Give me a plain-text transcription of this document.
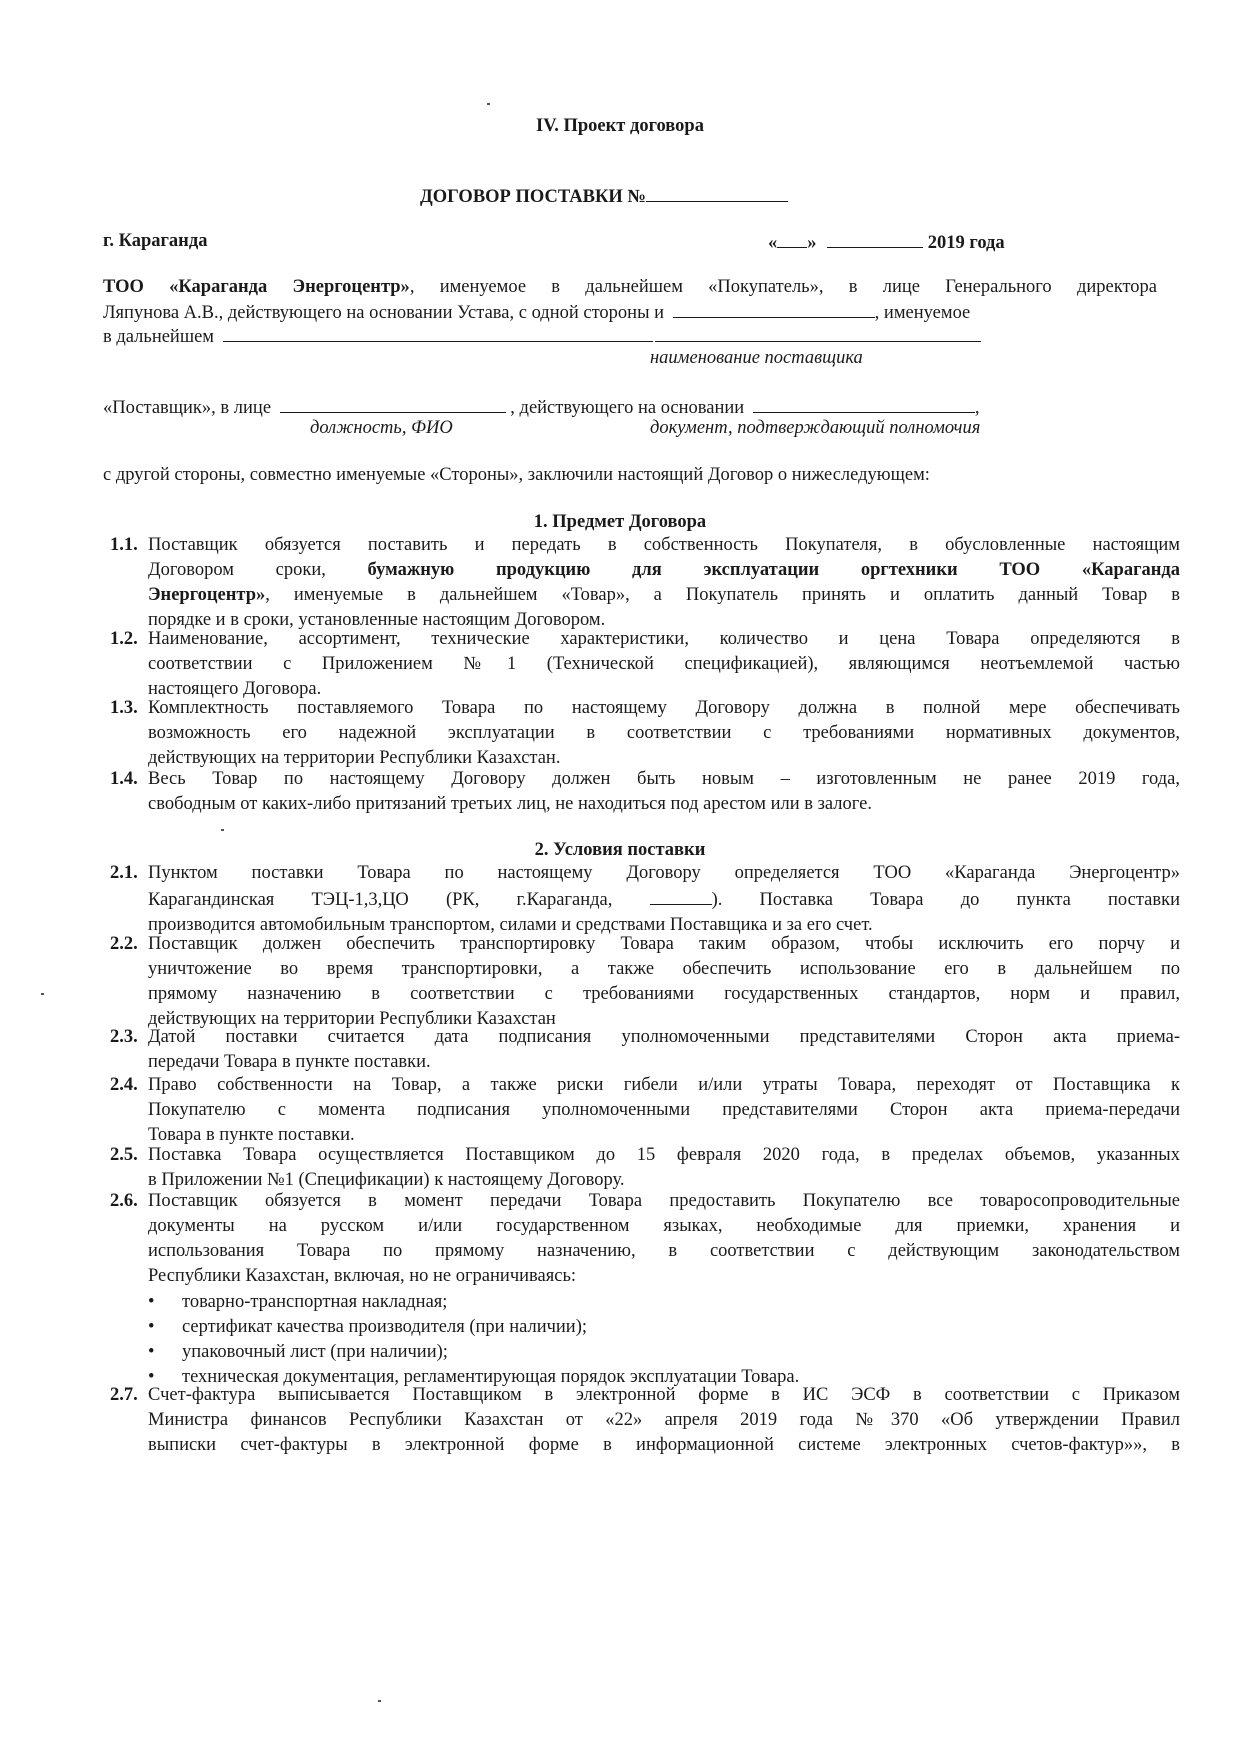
IV. Проект договора
ДОГОВОР ПОСТАВКИ №
г. Караганда	« »	2019 года
ТОО «Караганда Энергоцентр», именуемое в дальнейшем «Покупатель», в лице Генерального директора
Ляпунова А.В., действующего на основании Устава, с одной стороны и	, именуемое
в дальнейшем
наименование поставщика
«Поставщик», в лице	, действующего на основании	,
должность, ФИО	документ, подтверждающий полномочия
с другой стороны, совместно именуемые «Стороны», заключили настоящий Договор о нижеследующем:
1. Предмет Договора
1.1. Поставщик обязуется поставить и передать в собственность Покупателя, в обусловленные настоящим
Договором сроки, бумажную продукцию для эксплуатации оргтехники ТОО «Караганда
Энергоцентр», именуемые в дальнейшем «Товар», а Покупатель принять и оплатить данный Товар в
порядке и в сроки, установленные настоящим Договором.
1.2. Наименование, ассортимент, технические характеристики, количество и цена Товара определяются в
соответствии с Приложением №1 (Технической спецификацией), являющимся неотъемлемой частью
настоящего Договора.
1.3. Комплектность поставляемого Товара по настоящему Договору должна в полной мере обеспечивать
возможность его надежной эксплуатации в соответствии с требованиями нормативных документов,
действующих на территории Республики Казахстан.
1.4. Весь Товар по настоящему Договору должен быть новым – изготовленным не ранее 2019 года,
свободным от каких-либо притязаний третьих лиц, не находиться под арестом или в залоге.
2. Условия поставки
2.1. Пунктом поставки Товара по настоящему Договору определяется ТОО «Караганда Энергоцентр»
Карагандинская ТЭЦ-1,3,ЦО (РК, г.Караганда,	). Поставка Товара до пункта поставки
производится автомобильным транспортом, силами и средствами Поставщика и за его счет.
2.2. Поставщик должен обеспечить транспортировку Товара таким образом, чтобы исключить его порчу и
уничтожение во время транспортировки, а также обеспечить использование его в дальнейшем по
прямому назначению в соответствии с требованиями государственных стандартов, норм и правил,
действующих на территории Республики Казахстан
2.3. Датой поставки считается дата подписания уполномоченными представителями Сторон акта приема-
передачи Товара в пункте поставки.
2.4. Право собственности на Товар, а также риски гибели и/или утраты Товара, переходят от Поставщика к
Покупателю с момента подписания уполномоченными представителями Сторон акта приема-передачи
Товара в пункте поставки.
2.5. Поставка Товара осуществляется Поставщиком до 15 февраля 2020 года, в пределах объемов, указанных
в Приложении №1 (Спецификации) к настоящему Договору.
2.6. Поставщик обязуется в момент передачи Товара предоставить Покупателю все товаросопроводительные
документы на русском и/или государственном языках, необходимые для приемки, хранения и
использования Товара по прямому назначению, в соответствии с действующим законодательством
Республики Казахстан, включая, но не ограничиваясь:
• товарно-транспортная накладная;
• сертификат качества производителя (при наличии);
• упаковочный лист (при наличии);
• техническая документация, регламентирующая порядок эксплуатации Товара.
2.7. Счет-фактура выписывается Поставщиком в электронной форме в ИС ЭСФ в соответствии с Приказом
Министра финансов Республики Казахстан от «22» апреля 2019 года №370 «Об утверждении Правил
выписки счет-фактуры в электронной форме в информационной системе электронных счетов-фактур»», в
